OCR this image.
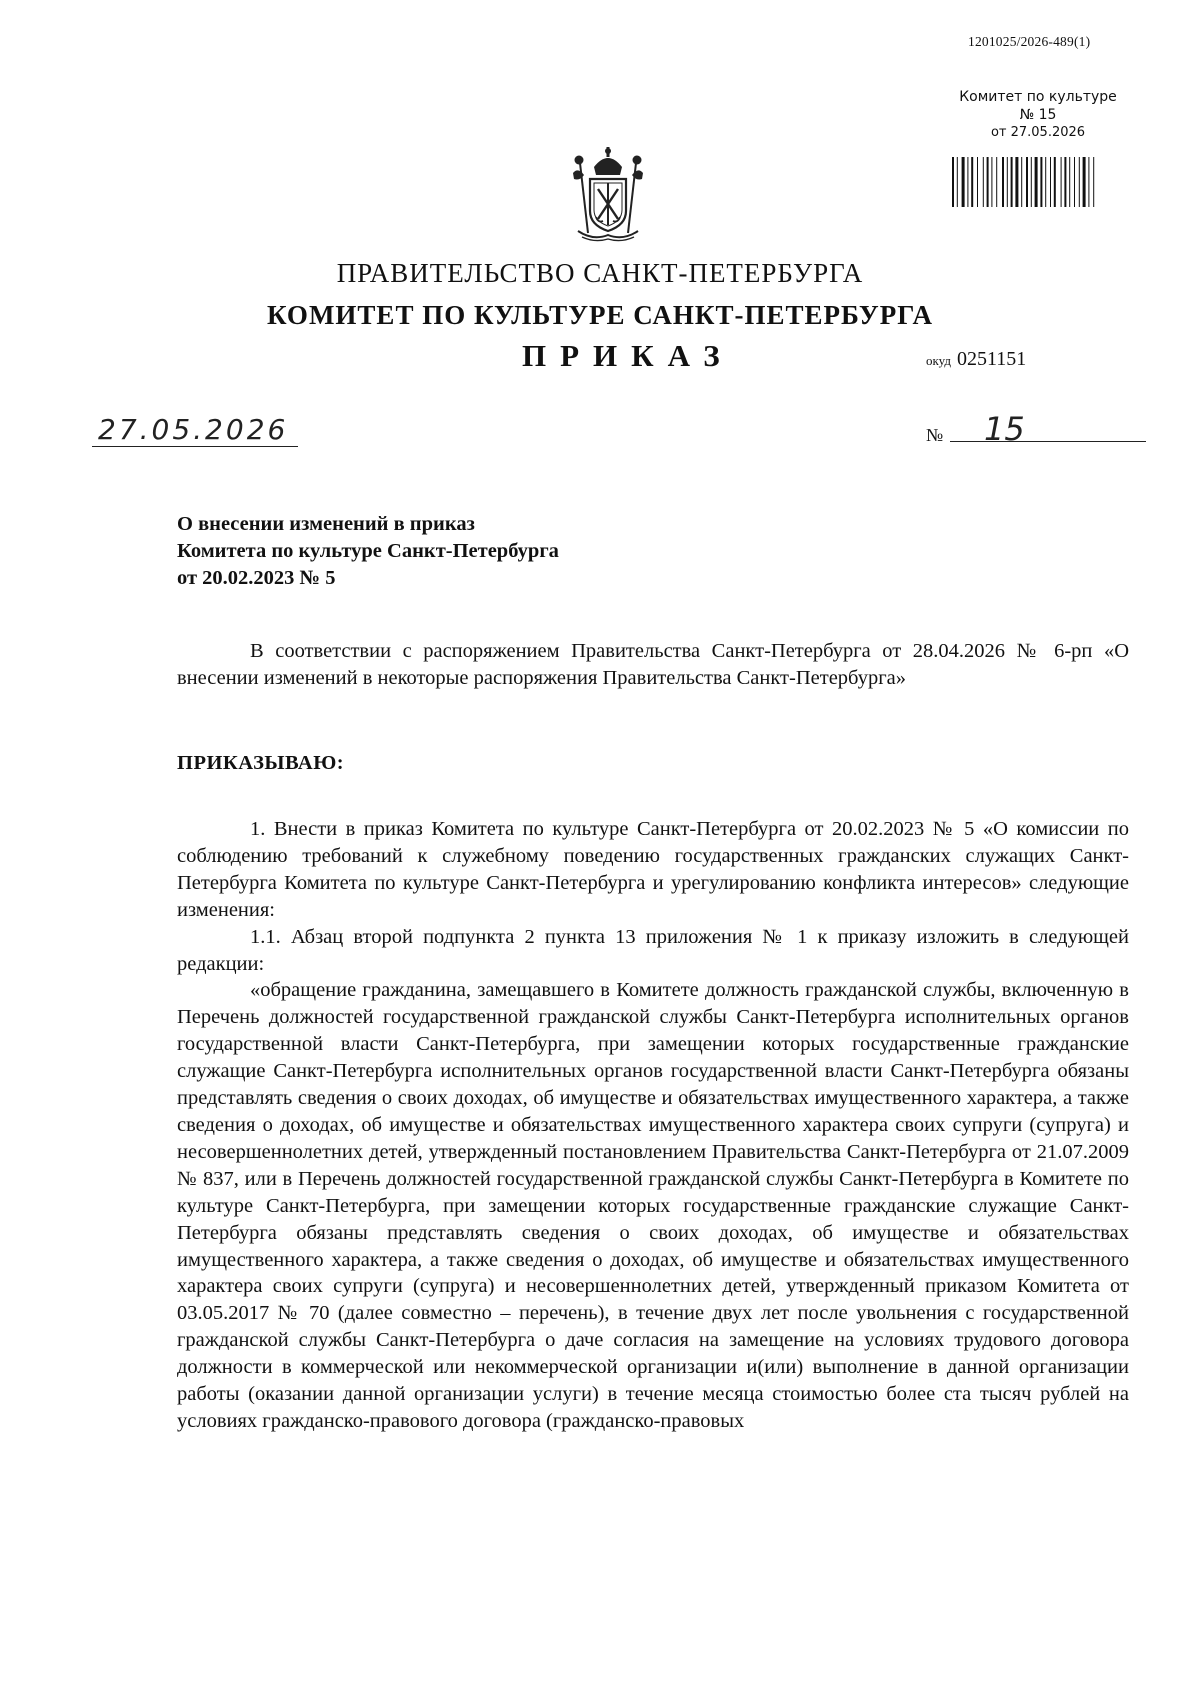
1201025/2026-489(1)
Комитет по культуре
№ 15
от 27.05.2026
ПРАВИТЕЛЬСТВО САНКТ-ПЕТЕРБУРГА
КОМИТЕТ ПО КУЛЬТУРЕ САНКТ-ПЕТЕРБУРГА
ПРИКАЗ	окуд 0251151
27.05.2026	№ 15
О внесении изменений в приказ
Комитета по культуре Санкт-Петербурга
от 20.02.2023 № 5

В соответствии с распоряжением Правительства Санкт-Петербурга от 28.04.2026 № 6-рп «О внесении изменений в некоторые распоряжения Правительства Санкт-Петербурга»

ПРИКАЗЫВАЮ:

1. Внести в приказ Комитета по культуре Санкт-Петербурга от 20.02.2023 № 5 «О комиссии по соблюдению требований к служебному поведению государственных гражданских служащих Санкт-Петербурга Комитета по культуре Санкт-Петербурга и урегулированию конфликта интересов» следующие изменения:

1.1. Абзац второй подпункта 2 пункта 13 приложения № 1 к приказу изложить в следующей редакции:

«обращение гражданина, замещавшего в Комитете должность гражданской службы, включенную в Перечень должностей государственной гражданской службы Санкт-Петербурга исполнительных органов государственной власти Санкт-Петербурга, при замещении которых государственные гражданские служащие Санкт-Петербурга исполнительных органов государственной власти Санкт-Петербурга обязаны представлять сведения о своих доходах, об имуществе и обязательствах имущественного характера, а также сведения о доходах, об имуществе и обязательствах имущественного характера своих супруги (супруга) и несовершеннолетних детей, утвержденный постановлением Правительства Санкт-Петербурга от 21.07.2009 № 837, или в Перечень должностей государственной гражданской службы Санкт-Петербурга в Комитете по культуре Санкт-Петербурга, при замещении которых государственные гражданские служащие Санкт-Петербурга обязаны представлять сведения о своих доходах, об имуществе и обязательствах имущественного характера, а также сведения о доходах, об имуществе и обязательствах имущественного характера своих супруги (супруга) и несовершеннолетних детей, утвержденный приказом Комитета от 03.05.2017 № 70 (далее совместно – перечень), в течение двух лет после увольнения с государственной гражданской службы Санкт-Петербурга о даче согласия на замещение на условиях трудового договора должности в коммерческой или некоммерческой организации и(или) выполнение в данной организации работы (оказании данной организации услуги) в течение месяца стоимостью более ста тысяч рублей на условиях гражданско-правового договора (гражданско-правовых
